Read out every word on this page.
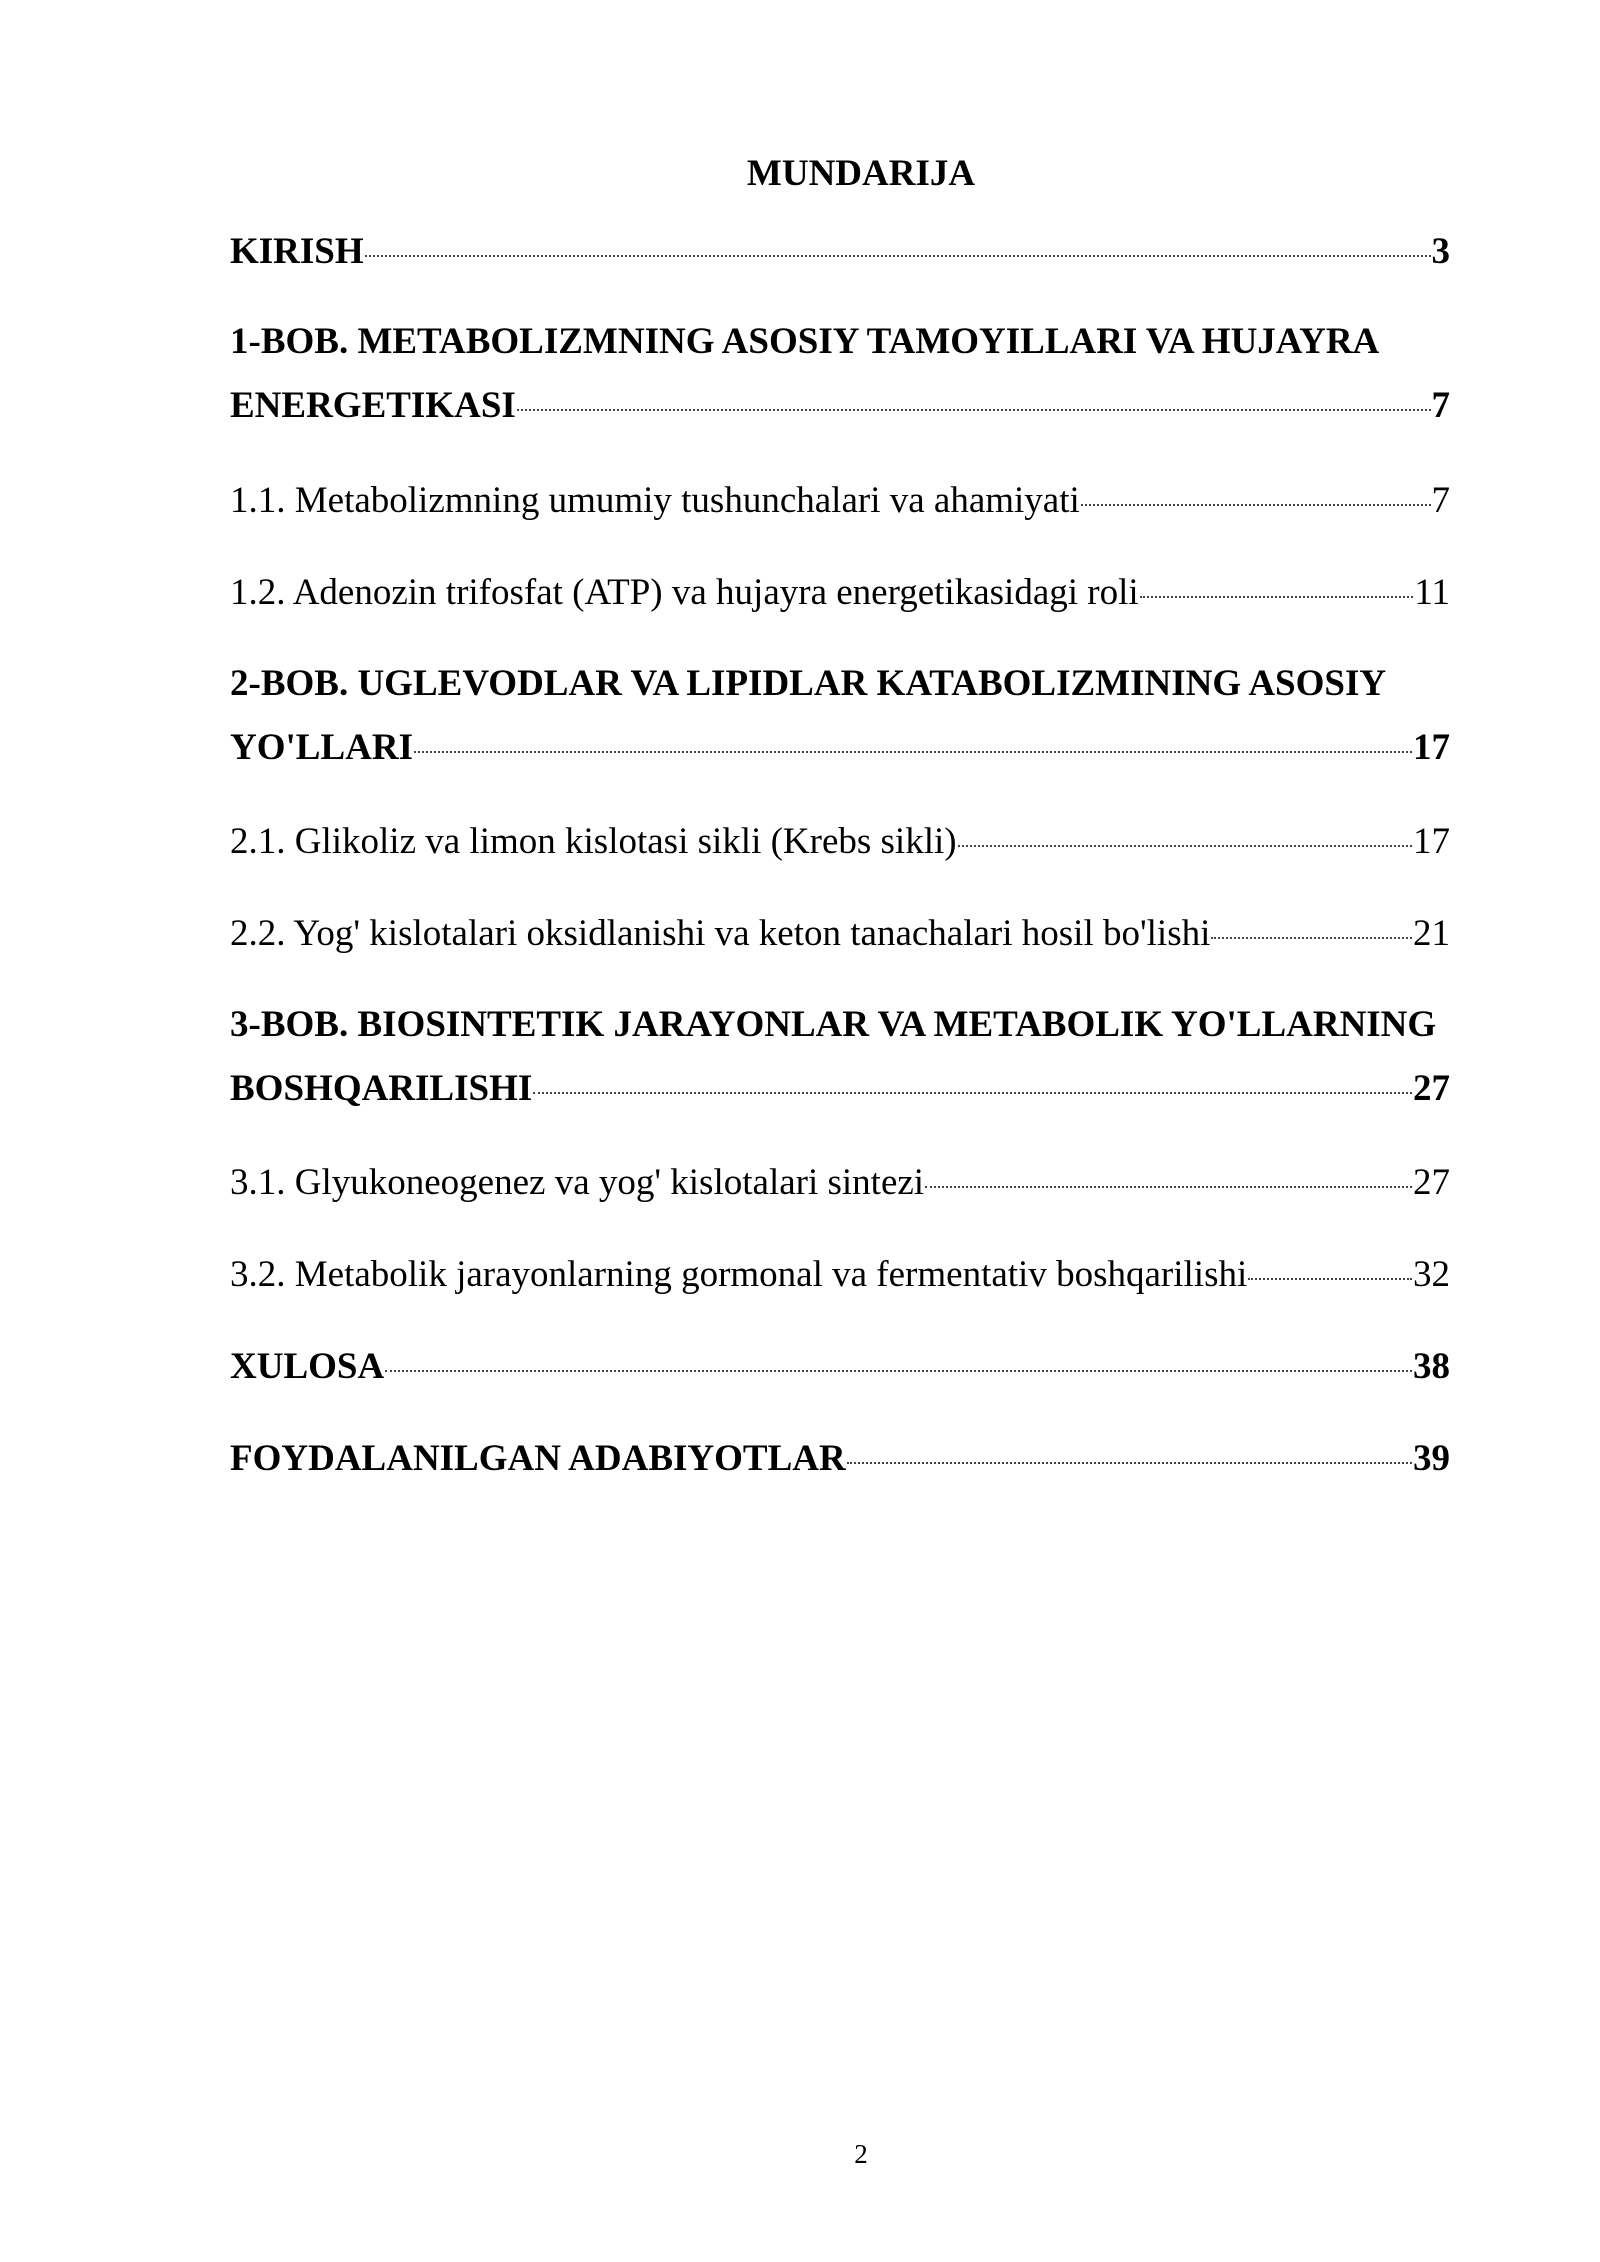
MUNDARIJA
KIRISH	3
1-BOB. METABOLIZMNING ASOSIY TAMOYILLARI VA HUJAYRA
ENERGETIKASI	7
1.1. Metabolizmning umumiy tushunchalari va ahamiyati	7
1.2. Adenozin trifosfat (ATP) va hujayra energetikasidagi roli	11
2-BOB. UGLEVODLAR VA LIPIDLAR KATABOLIZMINING ASOSIY
YO'LLARI	17
2.1. Glikoliz va limon kislotasi sikli (Krebs sikli)	17
2.2. Yog' kislotalari oksidlanishi va keton tanachalari hosil bo'lishi	21
3-BOB. BIOSINTETIK JARAYONLAR VA METABOLIK YO'LLARNING
BOSHQARILISHI	27
3.1. Glyukoneogenez va yog' kislotalari sintezi	27
3.2. Metabolik jarayonlarning gormonal va fermentativ boshqarilishi	32
XULOSA	38
FOYDALANILGAN ADABIYOTLAR	39
2
